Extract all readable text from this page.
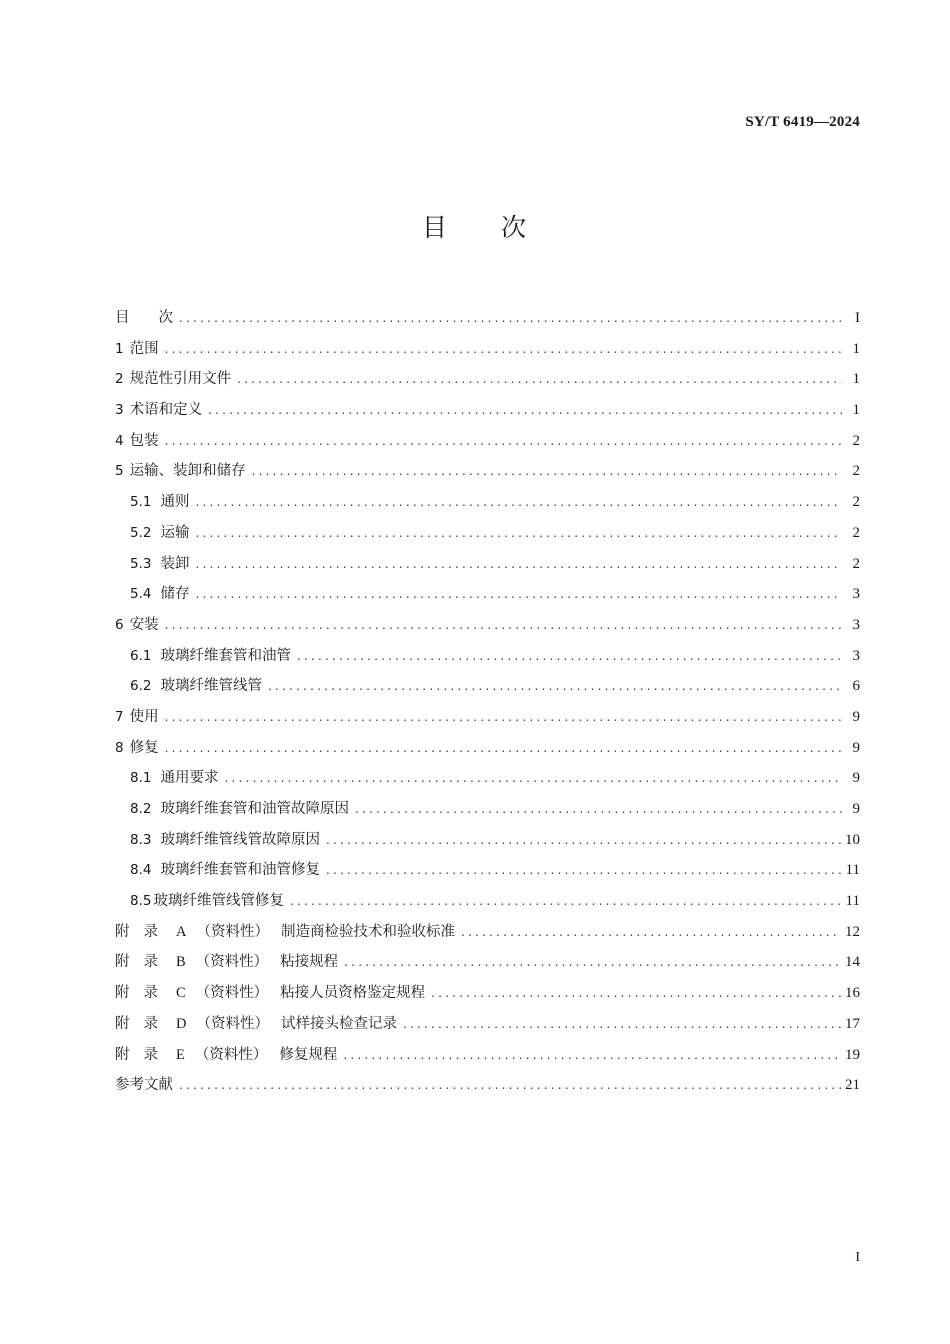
SY/T 6419—2024
目 次
目　　次 .....	I
1 范围 .....	1
2 规范性引用文件 .....	1
3 术语和定义 .....	1
4 包装 .....	2
5 运输、装卸和储存 .....	2
5.1 通则 .....	2
5.2 运输 .....	2
5.3 装卸 .....	2
5.4 储存 .....	3
6 安装 .....	3
6.1 玻璃纤维套管和油管 .....	3
6.2 玻璃纤维管线管 .....	6
7 使用 .....	9
8 修复 .....	9
8.1 通用要求 .....	9
8.2 玻璃纤维套管和油管故障原因 .....	9
8.3 玻璃纤维管线管故障原因 .....	10
8.4 玻璃纤维套管和油管修复 .....	11
8.5 玻璃纤维管线管修复 .....	11
附录 A （资料性） 制造商检验技术和验收标准 .....	12
附录 B （资料性） 粘接规程 .....	14
附录 C （资料性） 粘接人员资格鉴定规程 .....	16
附录 D （资料性） 试样接头检查记录 .....	17
附录 E （资料性） 修复规程 .....	19
参考文献 .....	21
I
